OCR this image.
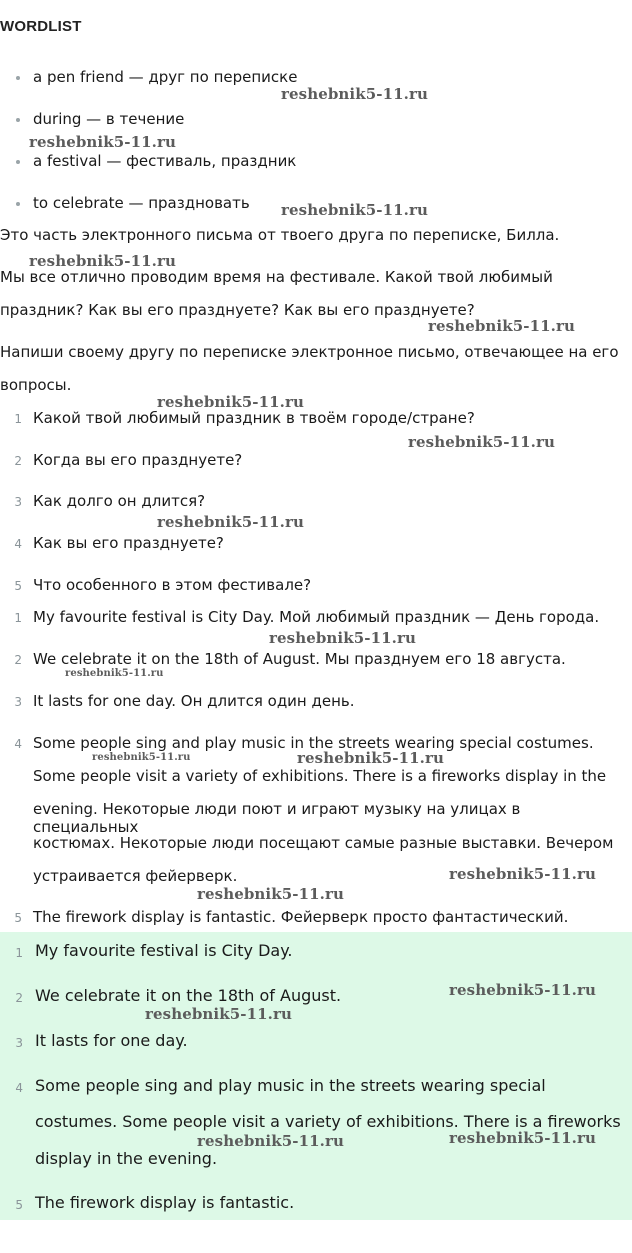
WORDLIST
a pen friend — друг по переписке
during — в течение
a festival — фестиваль, праздник
to celebrate — праздновать
Это часть электронного письма от твоего друга по переписке, Билла.
Мы все отлично проводим время на фестивале. Какой твой любимый
праздник? Как вы его празднуете? Как вы его празднуете?
Напиши своему другу по переписке электронное письмо, отвечающее на его
вопросы.
1 Какой твой любимый праздник в твоём городе/стране?
2 Когда вы его празднуете?
3 Как долго он длится?
4 Как вы его празднуете?
5 Что особенного в этом фестивале?
1 My favourite festival is City Day. Мой любимый праздник — День города.
2 We celebrate it on the 18th of August. Мы празднуем его 18 августа.
3 It lasts for one day. Он длится один день.
4 Some people sing and play music in the streets wearing special costumes.
Some people visit a variety of exhibitions. There is a fireworks display in the
evening. Некоторые люди поют и играют музыку на улицах в специальных
костюмах. Некоторые люди посещают самые разные выставки. Вечером
устраивается фейерверк.
5 The firework display is fantastic. Фейерверк просто фантастический.
1 My favourite festival is City Day.
2 We celebrate it on the 18th of August.
3 It lasts for one day.
4 Some people sing and play music in the streets wearing special
costumes. Some people visit a variety of exhibitions. There is a fireworks
display in the evening.
5 The firework display is fantastic.
reshebnik5-11.ru
reshebnik5-11.ru
reshebnik5-11.ru
reshebnik5-11.ru
reshebnik5-11.ru
reshebnik5-11.ru
reshebnik5-11.ru
reshebnik5-11.ru
reshebnik5-11.ru
reshebnik5-11.ru
reshebnik5-11.ru
reshebnik5-11.ru
reshebnik5-11.ru
reshebnik5-11.ru
reshebnik5-11.ru
reshebnik5-11.ru
reshebnik5-11.ru	reshebnik5-11.ru
